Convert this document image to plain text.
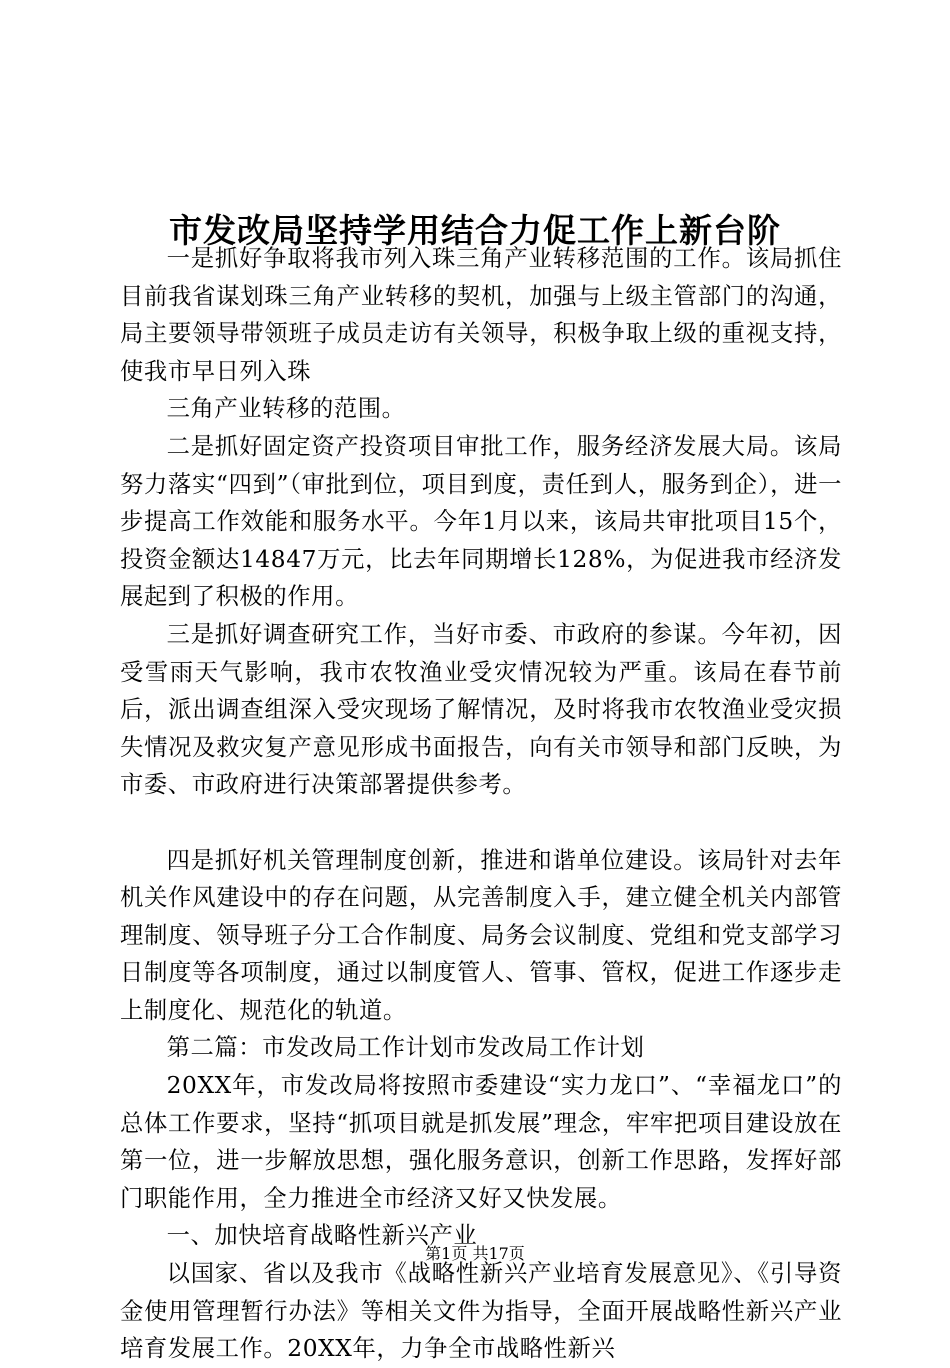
市发改局坚持学用结合力促工作上新台阶

一是抓好争取将我市列入珠三角产业转移范围的工作。该局抓住目前我省谋划珠三角产业转移的契机，加强与上级主管部门的沟通，局主要领导带领班子成员走访有关领导，积极争取上级的重视支持，使我市早日列入珠

三角产业转移的范围。

二是抓好固定资产投资项目审批工作，服务经济发展大局。该局努力落实“四到”（审批到位，项目到度，责任到人，服务到企），进一步提高工作效能和服务水平。今年1月以来，该局共审批项目15个，投资金额达14847万元，比去年同期增长128%，为促进我市经济发展起到了积极的作用。

三是抓好调查研究工作，当好市委、市政府的参谋。今年初，因受雪雨天气影响，我市农牧渔业受灾情况较为严重。该局在春节前后，派出调查组深入受灾现场了解情况，及时将我市农牧渔业受灾损失情况及救灾复产意见形成书面报告，向有关市领导和部门反映，为市委、市政府进行决策部署提供参考。

四是抓好机关管理制度创新，推进和谐单位建设。该局针对去年机关作风建设中的存在问题，从完善制度入手，建立健全机关内部管理制度、领导班子分工合作制度、局务会议制度、党组和党支部学习日制度等各项制度，通过以制度管人、管事、管权，促进工作逐步走上制度化、规范化的轨道。

第二篇：市发改局工作计划市发改局工作计划

20XX年，市发改局将按照市委建设“实力龙口”、“幸福龙口”的总体工作要求，坚持“抓项目就是抓发展”理念，牢牢把项目建设放在第一位，进一步解放思想，强化服务意识，创新工作思路，发挥好部门职能作用，全力推进全市经济又好又快发展。

一、加快培育战略性新兴产业

以国家、省以及我市《战略性新兴产业培育发展意见》、《引导资金使用管理暂行办法》等相关文件为指导，全面开展战略性新兴产业培育发展工作。20XX年，力争全市战略性新兴

第1页 共17页
